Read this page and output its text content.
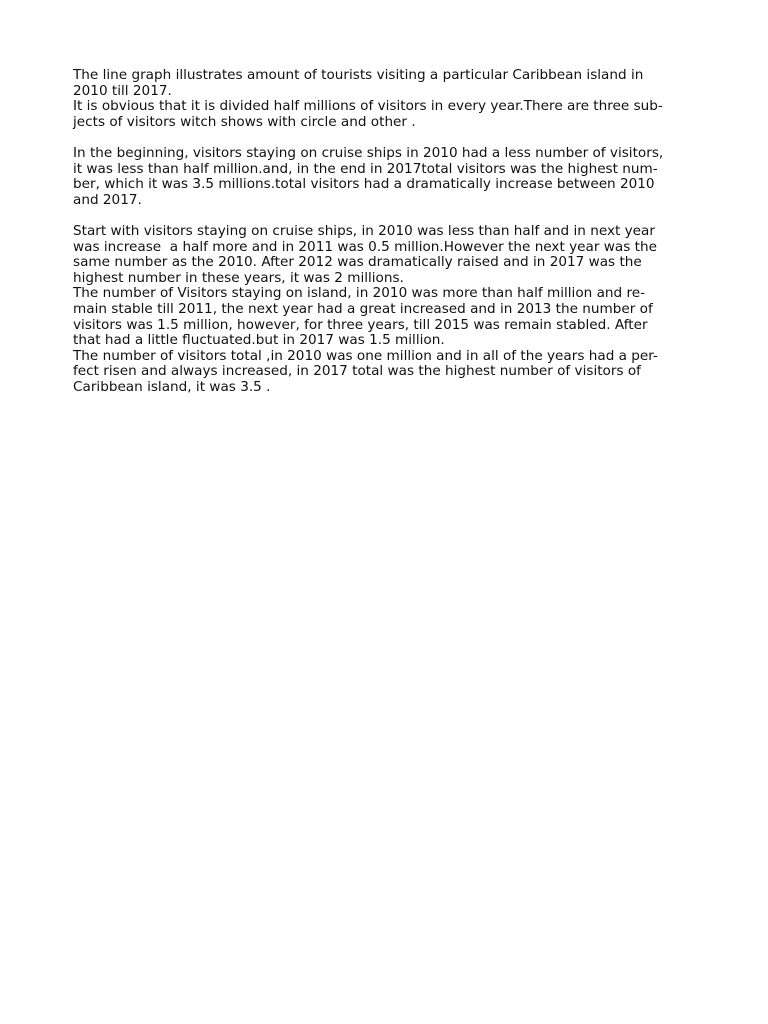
The line graph illustrates amount of tourists visiting a particular Caribbean island in
2010 till 2017.

It is obvious that it is divided half millions of visitors in every year.There are three sub-
jects of visitors witch shows with circle and other .

In the beginning, visitors staying on cruise ships in 2010 had a less number of visitors,
it was less than half million.and, in the end in 2017total visitors was the highest num-
ber, which it was 3.5 millions.total visitors had a dramatically increase between 2010
and 2017.

Start with visitors staying on cruise ships, in 2010 was less than half and in next year
was increase  a half more and in 2011 was 0.5 million.However the next year was the
same number as the 2010. After 2012 was dramatically raised and in 2017 was the
highest number in these years, it was 2 millions.

The number of Visitors staying on island, in 2010 was more than half million and re-
main stable till 2011, the next year had a great increased and in 2013 the number of
visitors was 1.5 million, however, for three years, till 2015 was remain stabled. After
that had a little fluctuated.but in 2017 was 1.5 million.

The number of visitors total ,in 2010 was one million and in all of the years had a per-
fect risen and always increased, in 2017 total was the highest number of visitors of
Caribbean island, it was 3.5 .
